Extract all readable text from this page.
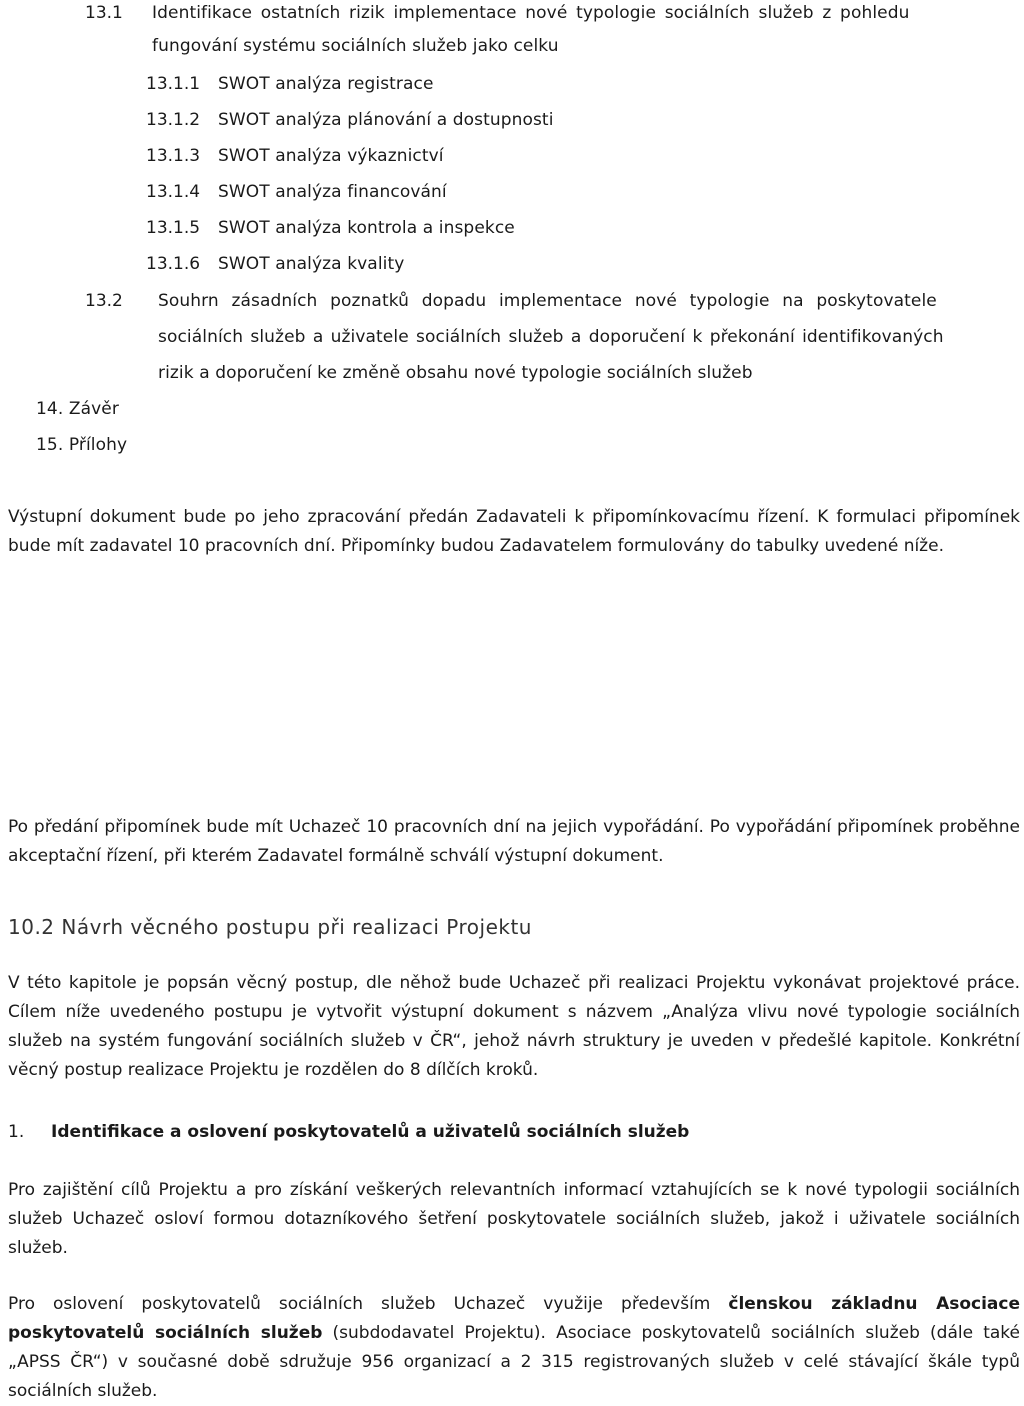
13.1 Identifikace ostatních rizik implementace nové typologie sociálních služeb z pohledu
fungování systému sociálních služeb jako celku
13.1.1 SWOT analýza registrace
13.1.2 SWOT analýza plánování a dostupnosti
13.1.3 SWOT analýza výkaznictví
13.1.4 SWOT analýza financování
13.1.5 SWOT analýza kontrola a inspekce
13.1.6 SWOT analýza kvality
13.2 Souhrn zásadních poznatků dopadu implementace nové typologie na poskytovatele
sociálních služeb a uživatele sociálních služeb a doporučení k překonání identifikovaných
rizik a doporučení ke změně obsahu nové typologie sociálních služeb
14. Závěr
15. Přílohy
Výstupní dokument bude po jeho zpracování předán Zadavateli k připomínkovacímu řízení. K formulaci připomínek bude mít zadavatel 10 pracovních dní. Připomínky budou Zadavatelem formulovány do tabulky uvedené níže.
Po předání připomínek bude mít Uchazeč 10 pracovních dní na jejich vypořádání. Po vypořádání připomínek proběhne akceptační řízení, při kterém Zadavatel formálně schválí výstupní dokument.
10.2 Návrh věcného postupu při realizaci Projektu
V této kapitole je popsán věcný postup, dle něhož bude Uchazeč při realizaci Projektu vykonávat projektové práce. Cílem níže uvedeného postupu je vytvořit výstupní dokument s názvem „Analýza vlivu nové typologie sociálních služeb na systém fungování sociálních služeb v ČR“, jehož návrh struktury je uveden v předešlé kapitole. Konkrétní věcný postup realizace Projektu je rozdělen do 8 dílčích kroků.
1. Identifikace a oslovení poskytovatelů a uživatelů sociálních služeb
Pro zajištění cílů Projektu a pro získání veškerých relevantních informací vztahujících se k nové typologii sociálních služeb Uchazeč osloví formou dotazníkového šetření poskytovatele sociálních služeb, jakož i uživatele sociálních služeb.
Pro oslovení poskytovatelů sociálních služeb Uchazeč využije především členskou základnu Asociace poskytovatelů sociálních služeb (subdodavatel Projektu). Asociace poskytovatelů sociálních služeb (dále také „APSS ČR“) v současné době sdružuje 956 organizací a 2 315 registrovaných služeb v celé stávající škále typů sociálních služeb.
